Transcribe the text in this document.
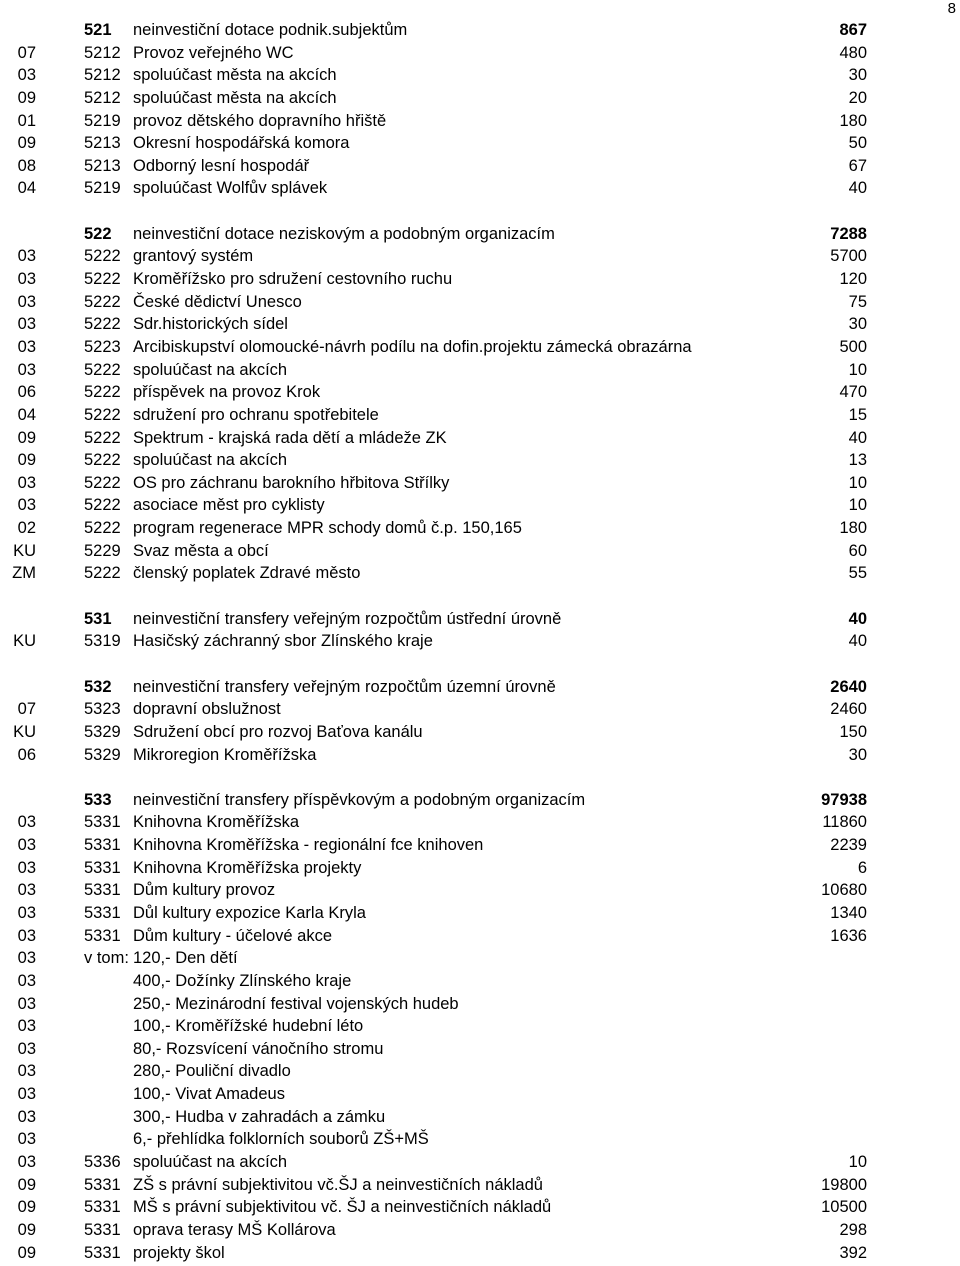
8
521 neinvestiční dotace podnik.subjektům	867
07	5212 Provoz veřejného WC	480
03	5212 spoluúčast města na akcích	30
09	5212 spoluúčast města na akcích	20
01	5219 provoz dětského dopravního hřiště	180
09	5213 Okresní hospodářská komora	50
08	5213 Odborný lesní hospodář	67
04	5219 spoluúčast Wolfův splávek	40
522 neinvestiční dotace neziskovým a podobným organizacím	7288
03	5222 grantový systém	5700
03	5222 Kroměřížsko pro sdružení cestovního ruchu	120
03	5222 České dědictví Unesco	75
03	5222 Sdr.historických sídel	30
03	5223 Arcibiskupství olomoucké-návrh podílu na dofin.projektu zámecká obrazárna	500
03	5222 spoluúčast na akcích	10
06	5222 příspěvek na provoz Krok	470
04	5222 sdružení pro ochranu spotřebitele	15
09	5222 Spektrum - krajská rada dětí a mládeže ZK	40
09	5222 spoluúčast na akcích	13
03	5222 OS pro záchranu barokního hřbitova Střílky	10
03	5222 asociace měst pro cyklisty	10
02	5222 program regenerace MPR schody domů č.p. 150,165	180
KU	5229 Svaz města a obcí	60
ZM	5222 členský poplatek Zdravé město	55
531 neinvestiční transfery veřejným rozpočtům ústřední úrovně	40
KU	5319 Hasičský záchranný sbor Zlínského kraje	40
532 neinvestiční transfery veřejným rozpočtům územní úrovně	2640
07	5323 dopravní obslužnost	2460
KU	5329 Sdružení obcí pro rozvoj Baťova kanálu	150
06	5329 Mikroregion Kroměřížska	30
533 neinvestiční transfery příspěvkovým a podobným organizacím	97938
03	5331 Knihovna Kroměřížska	11860
03	5331 Knihovna Kroměřížska - regionální fce knihoven	2239
03	5331 Knihovna Kroměřížska projekty	6
03	5331 Dům kultury provoz	10680
03	5331 Důl kultury expozice Karla Kryla	1340
03	5331 Dům kultury - účelové akce	1636
03	v tom: 120,- Den dětí
03	400,- Dožínky Zlínského kraje
03	250,- Mezinárodní festival vojenských hudeb
03	100,- Kroměřížské hudební léto
03	80,- Rozsvícení vánočního stromu
03	280,- Pouliční divadlo
03	100,- Vivat Amadeus
03	300,- Hudba v zahradách a zámku
03	6,- přehlídka folklorních souborů ZŠ+MŠ
03	5336 spoluúčast na akcích	10
09	5331 ZŠ s právní subjektivitou vč.ŠJ a neinvestičních nákladů	19800
09	5331 MŠ s právní subjektivitou vč. ŠJ a neinvestičních nákladů	10500
09	5331 oprava terasy MŠ Kollárova	298
09	5331 projekty škol	392
